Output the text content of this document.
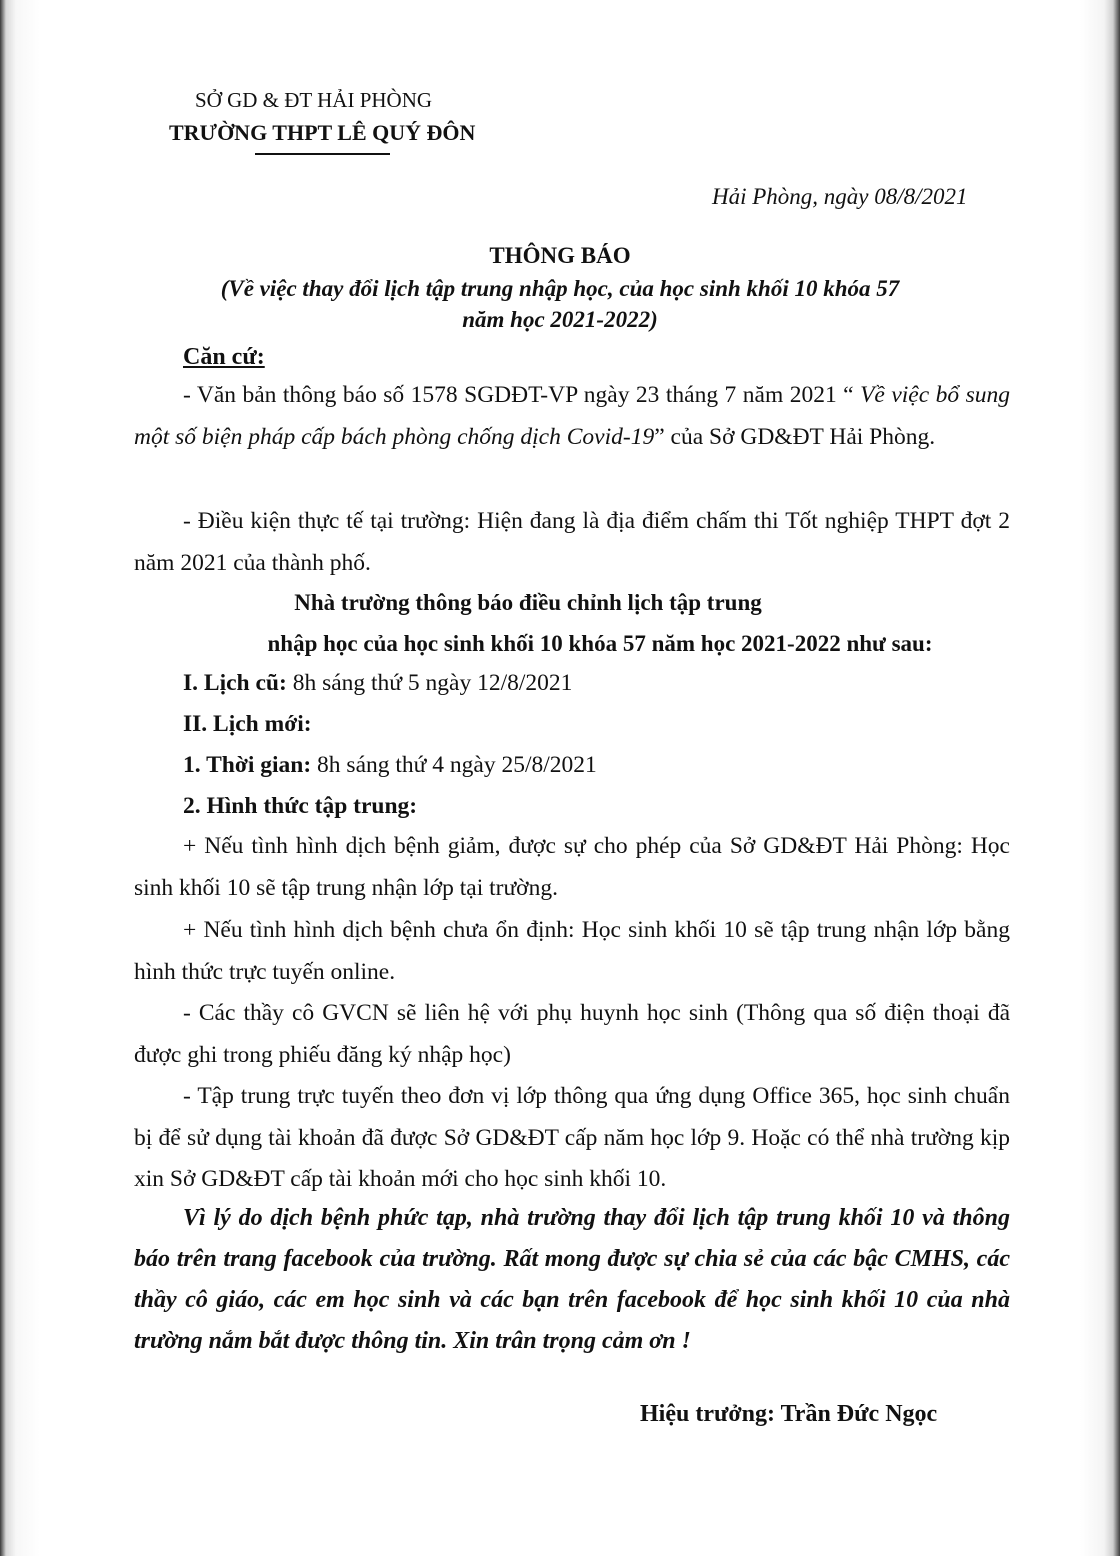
SỞ GD & ĐT HẢI PHÒNG

TRƯỜNG THPT LÊ QUÝ ĐÔN

Hải Phòng, ngày 08/8/2021

THÔNG BÁO

(Về việc thay đổi lịch tập trung nhập học, của học sinh khối 10 khóa 57

năm học 2021-2022)

Căn cứ:

- Văn bản thông báo số 1578 SGDĐT-VP ngày 23 tháng 7 năm 2021 “ Về việc bổ sung một số biện pháp cấp bách phòng chống dịch Covid-19” của Sở GD&ĐT Hải Phòng.

- Điều kiện thực tế tại trường: Hiện đang là địa điểm chấm thi Tốt nghiệp THPT đợt 2 năm 2021 của thành phố.

Nhà trường thông báo điều chỉnh lịch tập trung

nhập học của học sinh khối 10 khóa 57 năm học 2021-2022 như sau:

I. Lịch cũ: 8h sáng thứ 5 ngày 12/8/2021

II. Lịch mới:

1. Thời gian: 8h sáng thứ 4 ngày 25/8/2021

2. Hình thức tập trung:

+ Nếu tình hình dịch bệnh giảm, được sự cho phép của Sở GD&ĐT Hải Phòng: Học sinh khối 10 sẽ tập trung nhận lớp tại trường.

+ Nếu tình hình dịch bệnh chưa ổn định: Học sinh khối 10 sẽ tập trung nhận lớp bằng hình thức trực tuyến online.

- Các thầy cô GVCN sẽ liên hệ với phụ huynh học sinh (Thông qua số điện thoại đã được ghi trong phiếu đăng ký nhập học)

- Tập trung trực tuyến theo đơn vị lớp thông qua ứng dụng Office 365, học sinh chuẩn bị để sử dụng tài khoản đã được Sở GD&ĐT cấp năm học lớp 9. Hoặc có thể nhà trường kịp xin Sở GD&ĐT cấp tài khoản mới cho học sinh khối 10.

Vì lý do dịch bệnh phức tạp, nhà trường thay đổi lịch tập trung khối 10 và thông báo trên trang facebook của trường. Rất mong được sự chia sẻ của các bậc CMHS, các thầy cô giáo, các em học sinh và các bạn trên facebook để học sinh khối 10 của nhà trường nắm bắt được thông tin. Xin trân trọng cảm ơn !

Hiệu trưởng: Trần Đức Ngọc
